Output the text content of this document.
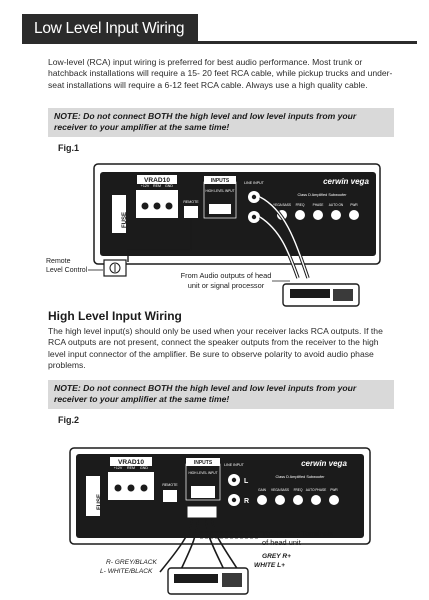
Low Level Input Wiring

Low-level (RCA) input wiring is preferred for best audio performance. Most trunk or hatchback installations will require a 15- 20 feet RCA cable, while pickup trucks and under-seat installations will require a 6-12 feet RCA cable. Always use a high quality cable.

NOTE: Do not connect BOTH the high level and low level inputs from your receiver to your amplifier at the same time!
Fig.1
FUSE
+12V REM GND
VRAD10
REMOTE
INPUTS
HIGH LEVEL INPUT
LINE INPUT	cerwin vega
Class D Amplified Subwoofer
VEGA BASS FREQ	PHASE AUTO ON PWR
Remote
Level Control
From Audio outputs of head
unit or signal processor
High Level Input Wiring

The high level input(s) should only be used when your receiver lacks RCA outputs. If the RCA outputs are not present, connect the speaker outputs from the receiver to the high level input connector of the amplifier. Be sure to observe polarity to avoid audio phase problems.

NOTE: Do not connect BOTH the high level and low level inputs from your receiver to your amplifier at the same time!
Fig.2
FUSE
+12V REM GND
VRAD10
REMOTE
INPUTS
HIGH LEVEL INPUT
LINE INPUT
L
R
cerwin vega
Class D Amplified Subwoofer
GAIN VEGA BASS FREQ AUTO PHASE PWR
To Speaker Terminals
of head unit
R- GREY/BLACK
L- WHITE/BLACK
GREY R+
WHITE L+
